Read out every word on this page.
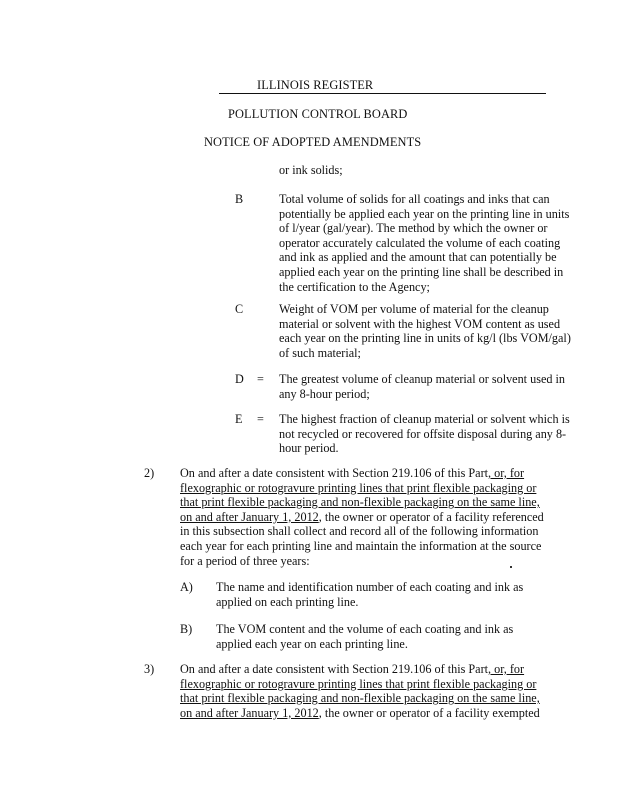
ILLINOIS REGISTER
POLLUTION CONTROL BOARD
NOTICE OF ADOPTED AMENDMENTS
or ink solids;
B	Total volume of solids for all coatings and inks that can
potentially be applied each year on the printing line in units
of l/year (gal/year). The method by which the owner or
operator accurately calculated the volume of each coating
and ink as applied and the amount that can potentially be
applied each year on the printing line shall be described in
the certification to the Agency;
C	Weight of VOM per volume of material for the cleanup
material or solvent with the highest VOM content as used
each year on the printing line in units of kg/l (lbs VOM/gal)
of such material;
D = The greatest volume of cleanup material or solvent used in
any 8-hour period;
E = The highest fraction of cleanup material or solvent which is
not recycled or recovered for offsite disposal during any 8-
hour period.
2) On and after a date consistent with Section 219.106 of this Part, or, for
flexographic or rotogravure printing lines that print flexible packaging or
that print flexible packaging and non-flexible packaging on the same line,
on and after January 1, 2012, the owner or operator of a facility referenced
in this subsection shall collect and record all of the following information
each year for each printing line and maintain the information at the source
for a period of three years:
A) The name and identification number of each coating and ink as
applied on each printing line.
B) The VOM content and the volume of each coating and ink as
applied each year on each printing line.
3) On and after a date consistent with Section 219.106 of this Part, or, for
flexographic or rotogravure printing lines that print flexible packaging or
that print flexible packaging and non-flexible packaging on the same line,
on and after January 1, 2012, the owner or operator of a facility exempted
